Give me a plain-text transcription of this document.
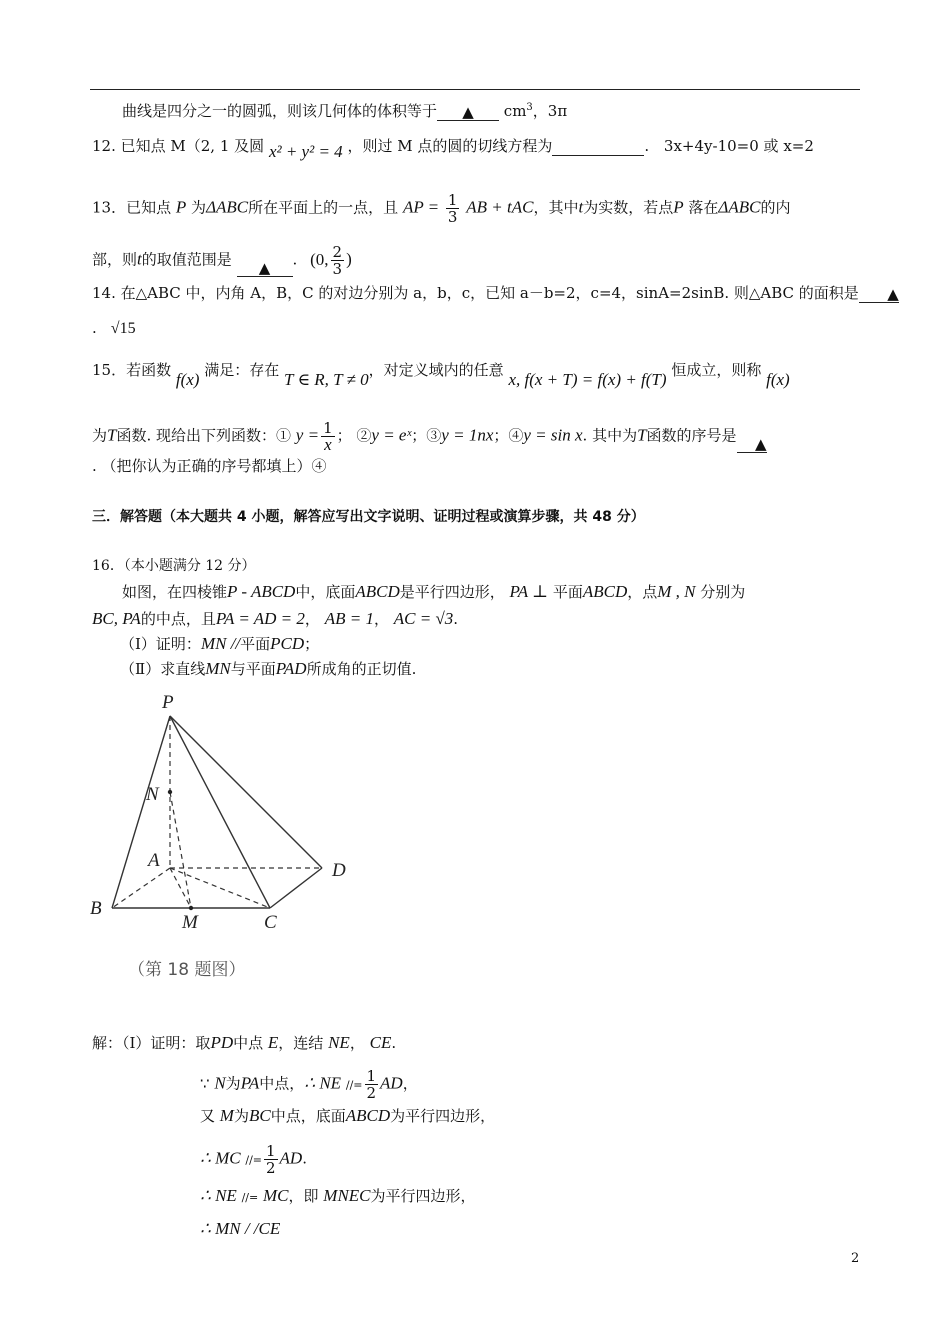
曲线是四分之一的圆弧，则该几何体的体积等于 ▲ $cm^3$，3π
12. 已知点 M（2, 1 及圆 x² + y² = 4 ，则过 M 点的圆的切线方程为	. 3x+4y-10=0 或 x=2
13．已知点 P 为ΔABC所在平面上的一点，且 AP = $\frac{1}{3}$ AB + tAC，其中t为实数，若点P 落在ΔABC的内
部，则t的取值范围是 ▲ . (0, $\frac{2}{3}$ )
14. 在△ABC 中，内角 A，B，C 的对边分别为 a，b，c，已知 a－b=2，c=4，sinA=2sinB. 则△ABC 的面积是 ▲
. √15
15．若函数 f(x) 满足：存在 T ∈ R, T ≠ 0，对定义域内的任意 x, f(x + T) = f(x) + f(T) 恒成立，则称 f(x)
为T函数. 现给出下列函数：① $y = \frac{1}{x}$ ； ②y = eˣ；③y = 1nx；④y = sin x. 其中为T函数的序号是 ▲
. （把你认为正确的序号都填上）④
三．解答题（本大题共 4 小题，解答应写出文字说明、证明过程或演算步骤，共 48 分）
16．（本小题满分 12 分）
如图，在四棱锥P - ABCD中，底面ABCD是平行四边形， PA ⊥ 平面ABCD，点M , N 分别为
BC, PA的中点，且PA = AD = 2， AB = 1， AC = √3.
（Ⅰ）证明：MN //平面PCD；
（Ⅱ）求直线MN与平面PAD所成角的正切值.
P
N
A	D
B
M	C
（第 18 题图）
解：（Ⅰ）证明：取PD中点 E，连结 NE， CE.
∵ N为PA中点，∴ NE //= $\frac{1}{2}$ AD，
又 M为BC中点，底面ABCD为平行四边形，
∴ MC //= $\frac{1}{2}$ AD.
∴ NE //= MC，即 MNEC为平行四边形，
∴ MN / /CE
2
